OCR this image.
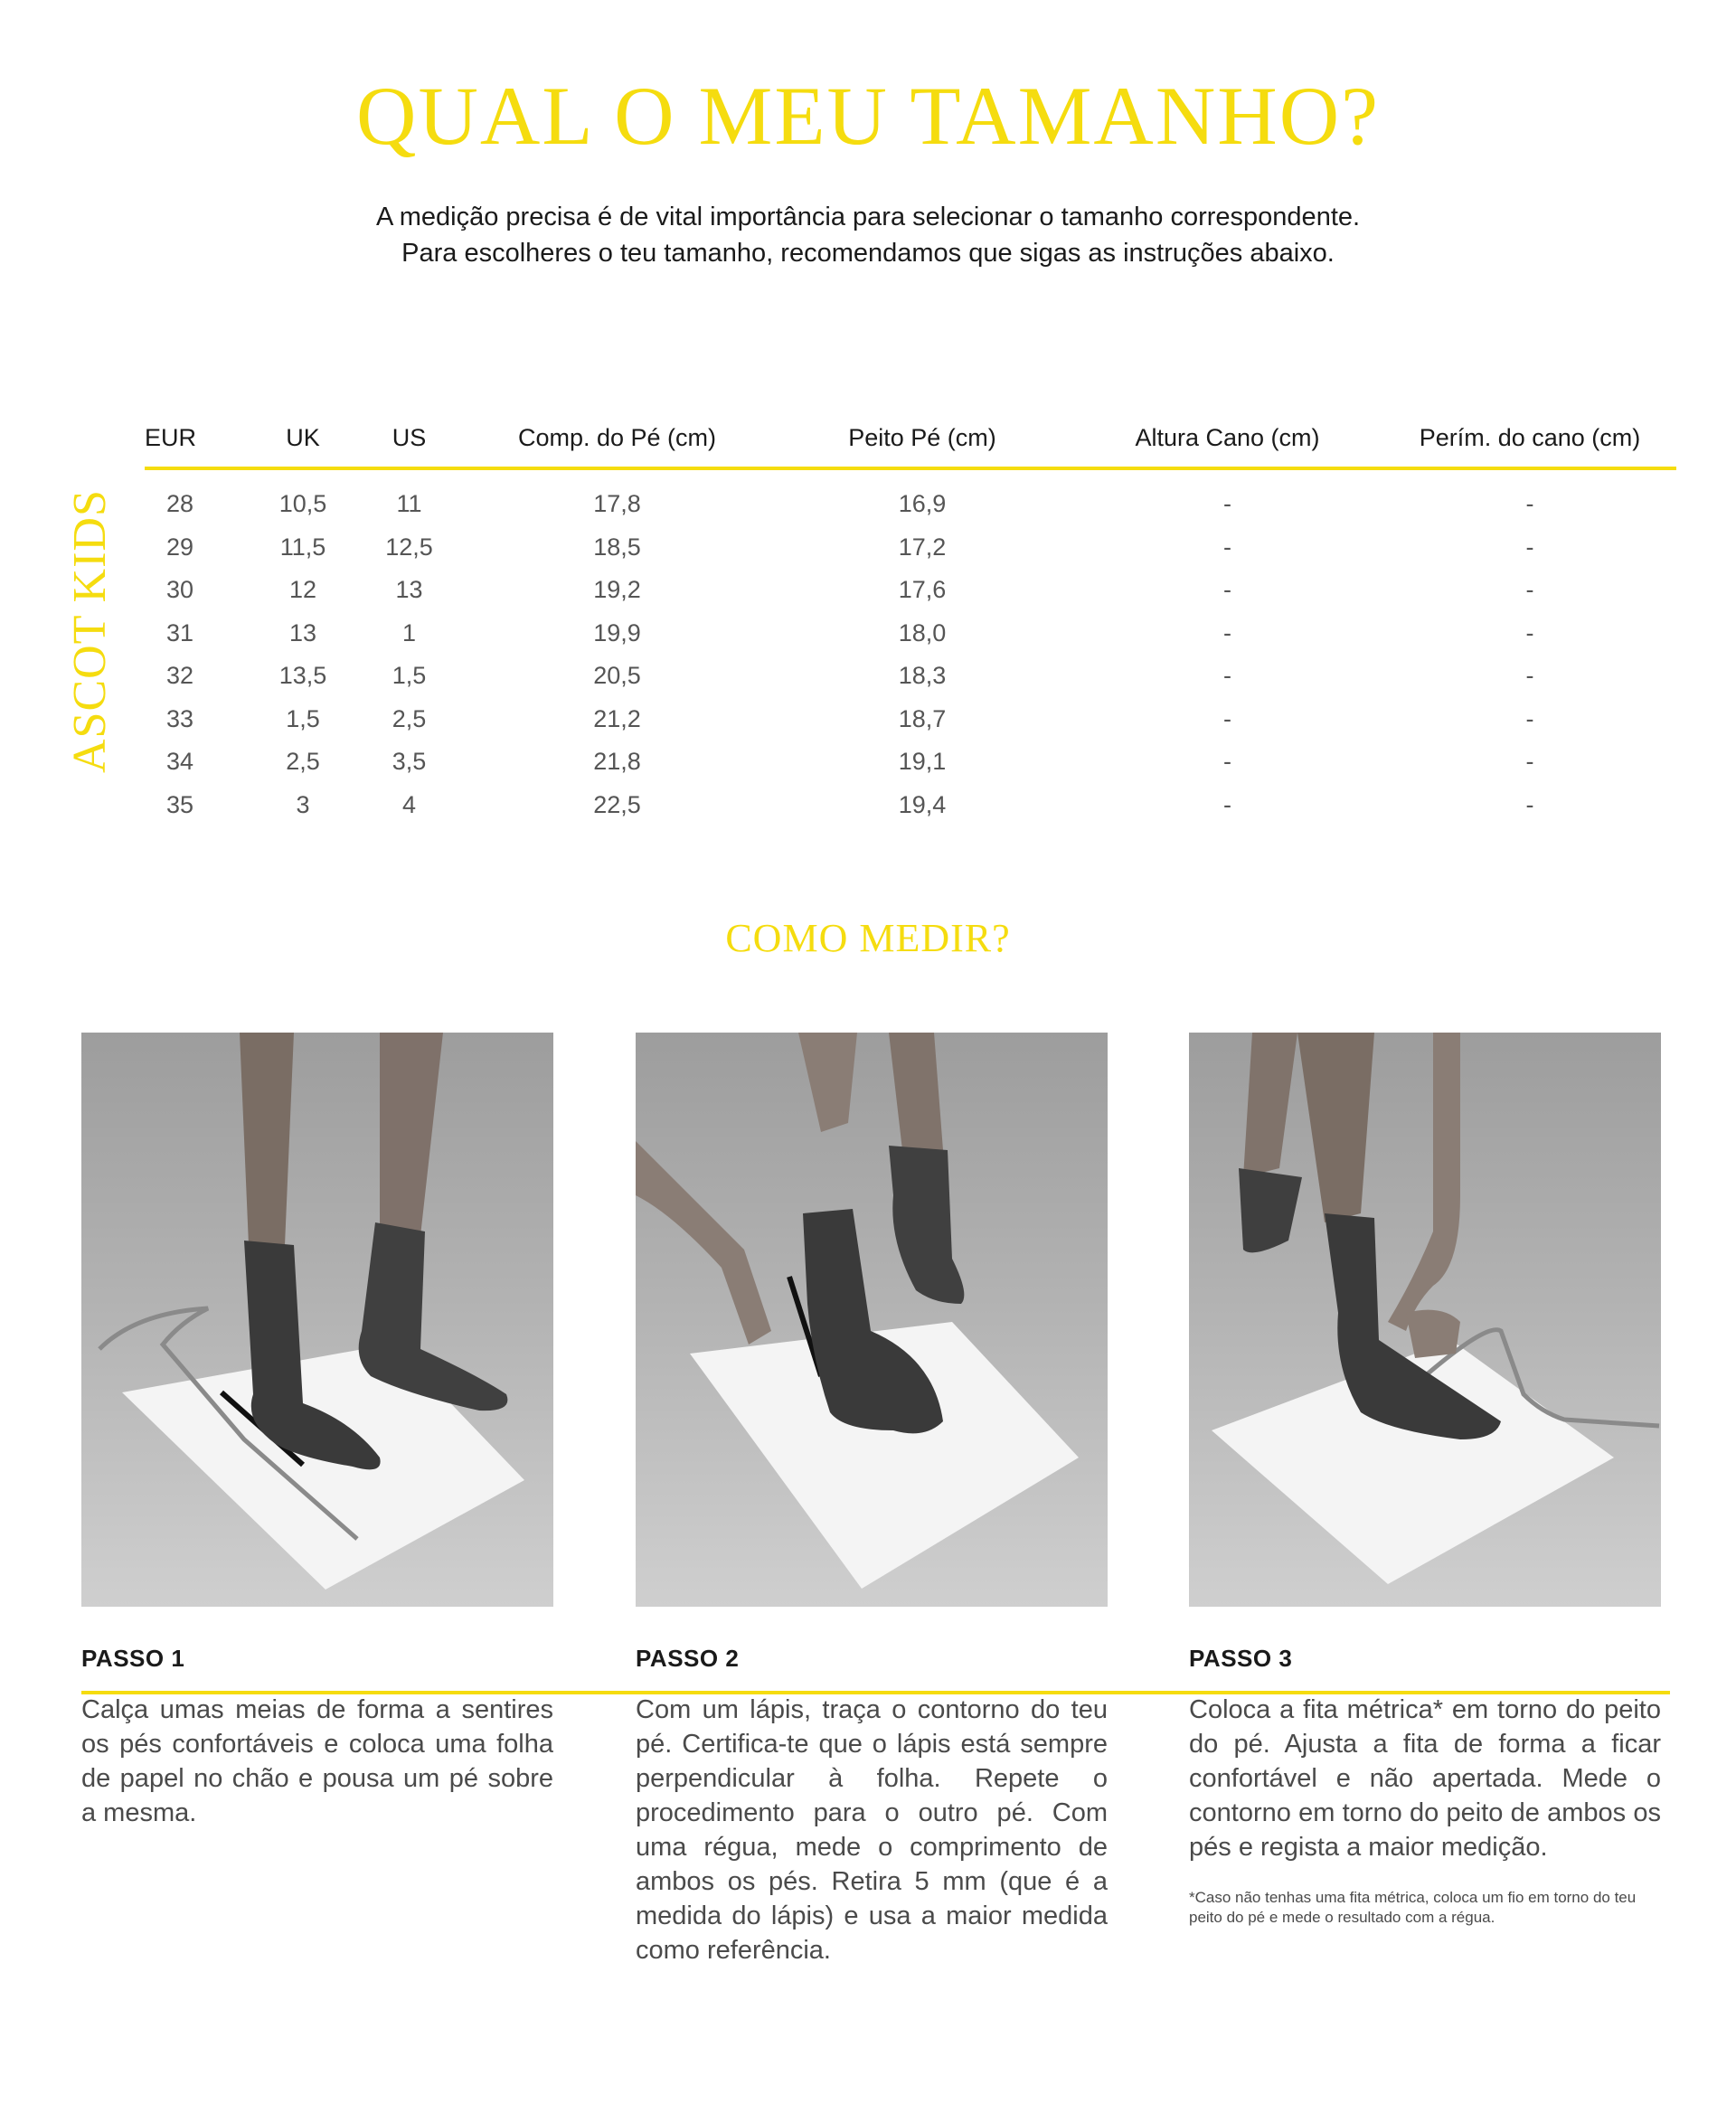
QUAL O MEU TAMANHO?
A medição precisa é de vital importância para selecionar o tamanho correspondente.
Para escolheres o teu tamanho, recomendamos que sigas as instruções abaixo.
ASCOT KIDS
EUR	UK	US	Comp. do Pé (cm)	Peito Pé (cm)	Altura Cano (cm)	Perím. do cano (cm)
28	10,5	11	17,8	16,9	-	-
29	11,5	12,5	18,5	17,2	-	-
30	12	13	19,2	17,6	-	-
31	13	1	19,9	18,0	-	-
32	13,5	1,5	20,5	18,3	-	-
33	1,5	2,5	21,2	18,7	-	-
34	2,5	3,5	21,8	19,1	-	-
35	3	4	22,5	19,4	-	-
COMO MEDIR?
PASSO 1
Calça umas meias de forma a sentires os pés confortáveis e coloca uma folha de papel no chão e pousa um pé sobre a mesma.
PASSO 2
Com um lápis, traça o contorno do teu pé. Certifica-te que o lápis está sempre perpendicular à folha. Repete o procedimento para o outro pé. Com uma régua, mede o comprimento de ambos os pés. Retira 5 mm (que é a medida do lápis) e usa a maior medida como referência.
PASSO 3
Coloca a fita métrica* em torno do peito do pé. Ajusta a fita de forma a ficar confortável e não apertada. Mede o contorno em torno do peito de ambos os pés e regista a maior medição.
*Caso não tenhas uma fita métrica, coloca um fio em torno do teu peito do pé e mede o resultado com a régua.
